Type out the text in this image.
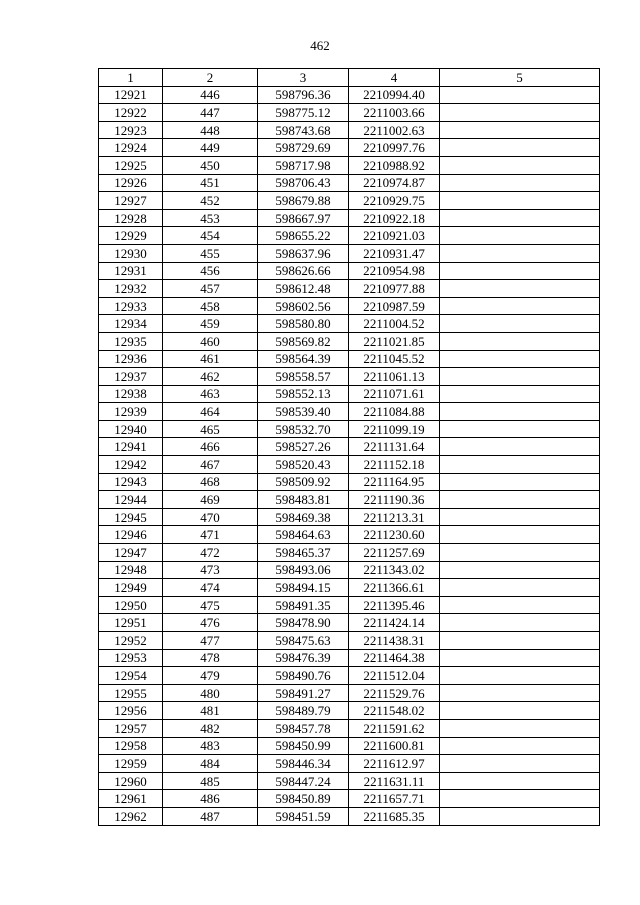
462
1	2	3	4	5
12921	446	598796.36	2210994.40	
12922	447	598775.12	2211003.66	
12923	448	598743.68	2211002.63	
12924	449	598729.69	2210997.76	
12925	450	598717.98	2210988.92	
12926	451	598706.43	2210974.87	
12927	452	598679.88	2210929.75	
12928	453	598667.97	2210922.18	
12929	454	598655.22	2210921.03	
12930	455	598637.96	2210931.47	
12931	456	598626.66	2210954.98	
12932	457	598612.48	2210977.88	
12933	458	598602.56	2210987.59	
12934	459	598580.80	2211004.52	
12935	460	598569.82	2211021.85	
12936	461	598564.39	2211045.52	
12937	462	598558.57	2211061.13	
12938	463	598552.13	2211071.61	
12939	464	598539.40	2211084.88	
12940	465	598532.70	2211099.19	
12941	466	598527.26	2211131.64	
12942	467	598520.43	2211152.18	
12943	468	598509.92	2211164.95	
12944	469	598483.81	2211190.36	
12945	470	598469.38	2211213.31	
12946	471	598464.63	2211230.60	
12947	472	598465.37	2211257.69	
12948	473	598493.06	2211343.02	
12949	474	598494.15	2211366.61	
12950	475	598491.35	2211395.46	
12951	476	598478.90	2211424.14	
12952	477	598475.63	2211438.31	
12953	478	598476.39	2211464.38	
12954	479	598490.76	2211512.04	
12955	480	598491.27	2211529.76	
12956	481	598489.79	2211548.02	
12957	482	598457.78	2211591.62	
12958	483	598450.99	2211600.81	
12959	484	598446.34	2211612.97	
12960	485	598447.24	2211631.11	
12961	486	598450.89	2211657.71	
12962	487	598451.59	2211685.35	
